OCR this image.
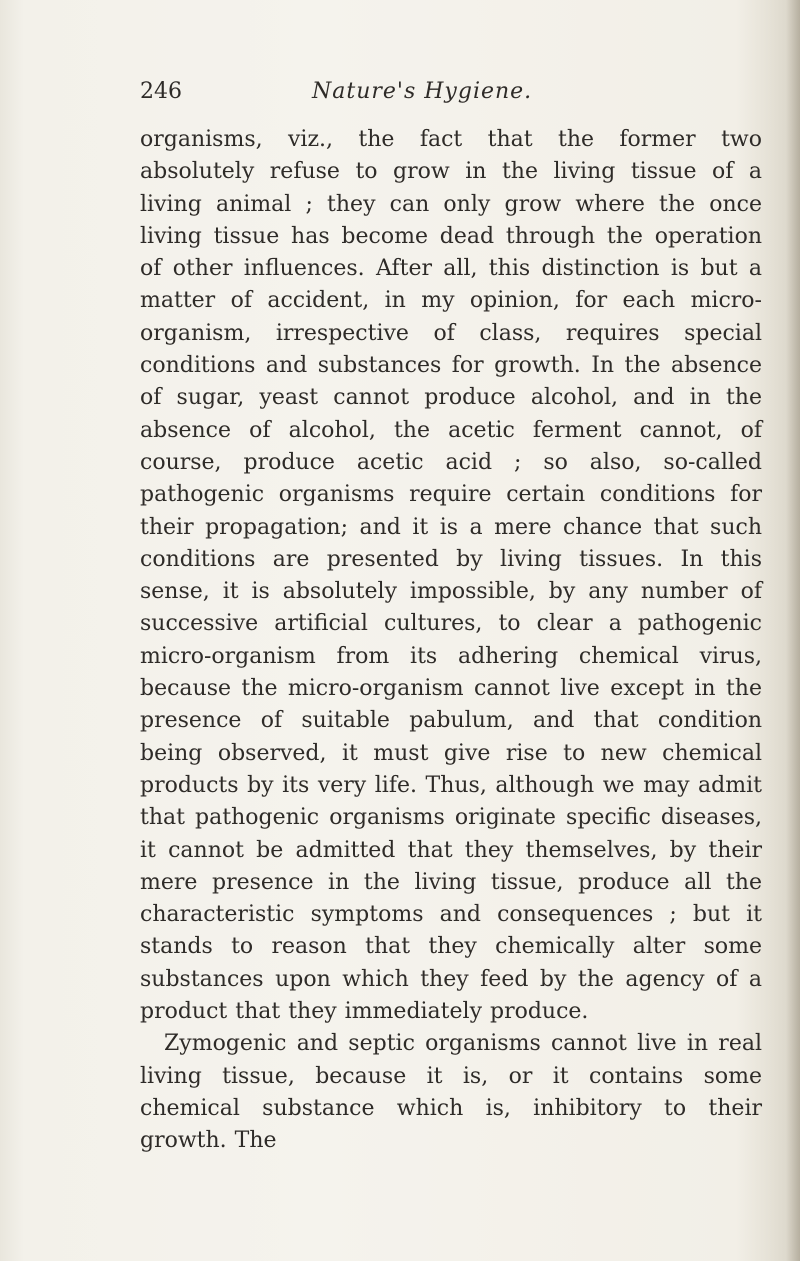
246	Nature's Hygiene.

organisms, viz., the fact that the former two absolutely refuse to grow in the living tissue of a living animal ; they can only grow where the once living tissue has become dead through the operation of other influences. After all, this distinction is but a matter of accident, in my opinion, for each micro-organism, irrespective of class, requires special conditions and substances for growth. In the absence of sugar, yeast cannot produce alcohol, and in the absence of alcohol, the acetic ferment cannot, of course, produce acetic acid ; so also, so-called pathogenic organisms require certain conditions for their propagation; and it is a mere chance that such conditions are presented by living tissues. In this sense, it is absolutely impossible, by any number of successive artificial cultures, to clear a pathogenic micro-organism from its adhering chemical virus, because the micro-organism cannot live except in the presence of suitable pabulum, and that condition being observed, it must give rise to new chemical products by its very life. Thus, although we may admit that pathogenic organisms originate specific diseases, it cannot be admitted that they themselves, by their mere presence in the living tissue, produce all the characteristic symptoms and consequences ; but it stands to reason that they chemically alter some substances upon which they feed by the agency of a product that they immediately produce.

Zymogenic and septic organisms cannot live in real living tissue, because it is, or it contains some chemical substance which is, inhibitory to their growth. The
